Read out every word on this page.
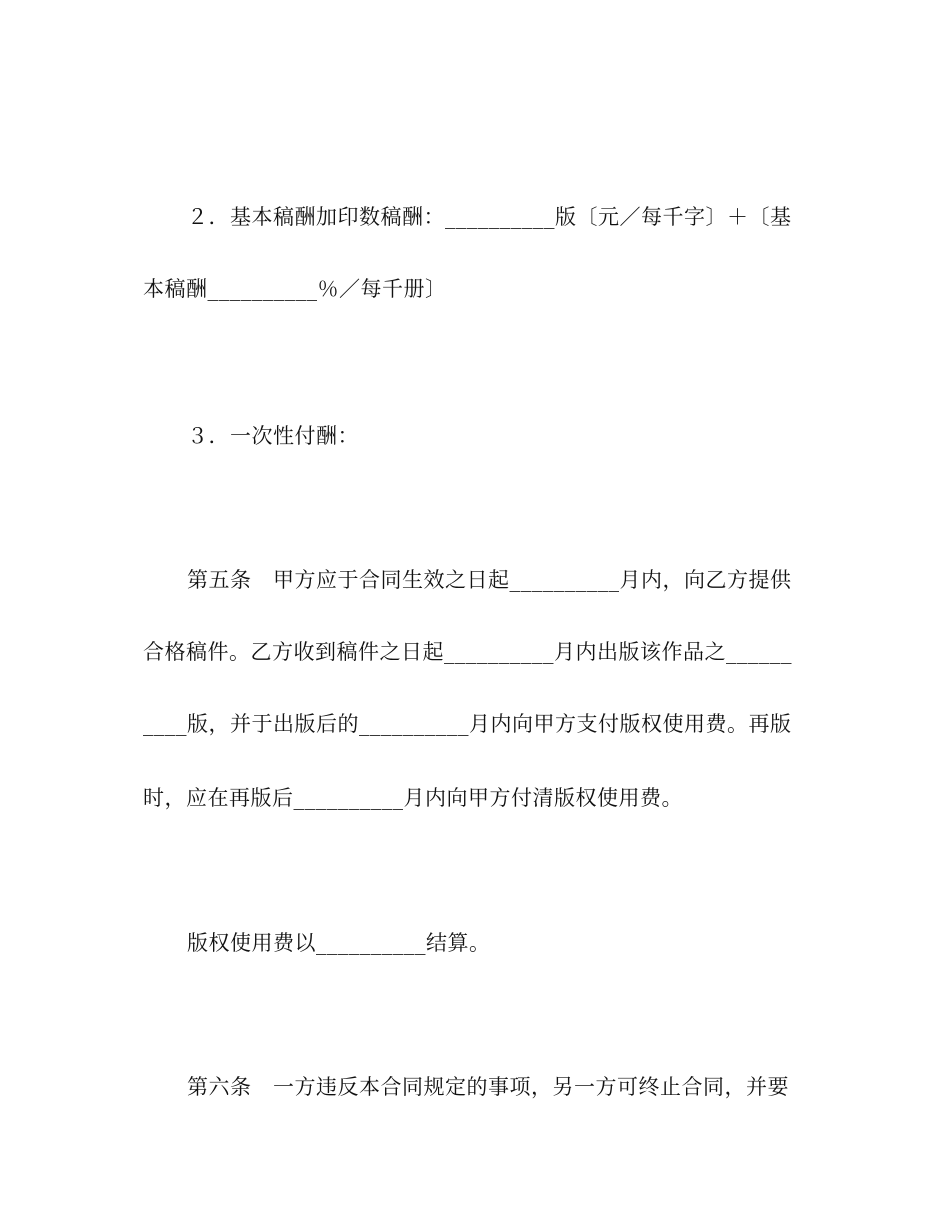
２．基本稿酬加印数稿酬：__________版〔元／每千字〕＋〔基
本稿酬__________％／每千册〕
３．一次性付酬：
第五条　甲方应于合同生效之日起__________月内，向乙方提供
合格稿件。乙方收到稿件之日起__________月内出版该作品之______
____版，并于出版后的__________月内向甲方支付版权使用费。再版
时，应在再版后__________月内向甲方付清版权使用费。
版权使用费以__________结算。
第六条　一方违反本合同规定的事项，另一方可终止合同，并要
